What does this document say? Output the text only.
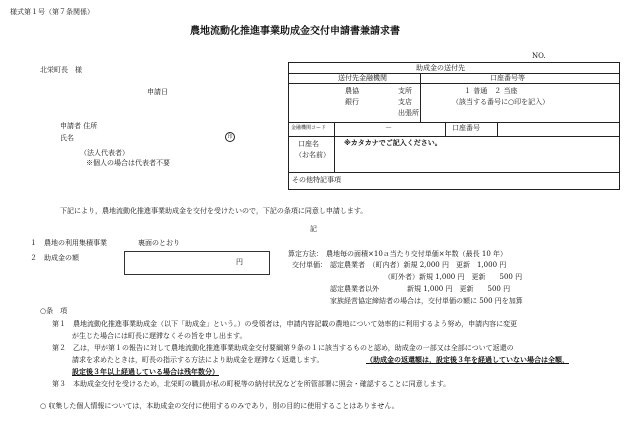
様式第１号（第７条関係）
農地流動化推進事業助成金交付申請書兼請求書
NO.
北栄町長　様
申請日
申請者 住所
氏名	印
（法人代表者）
※個人の場合は代表者不要
助成金の送付先
送付先金融機関	口座番号等
農協
銀行
支所
支店
出張所
１ 普通　２ 当座
（該当する番号に○印を記入）
金融機関コード	－	口座番号
口座名
（お名前）
※カタカナでご記入ください。
その他特記事項
下記により，農地流動化推進事業助成金を交付を受けたいので，下記の条項に同意し申請します。
記
１　農地の利用集積事業	裏面のとおり
２　助成金の額	円
算定方法： 農地毎の面積×10ａ当たり交付単価×年数（最長 10 年）
交付単価： 認定農業者　（町内者）新規 2,000 円　更新　1,000 円
（町外者）新規 1,000 円　更新　　500 円
認定農業者以外　　　　新規 1,000 円　更新　　500 円
家族経営協定締結者の場合は，交付単価の額に 500 円を加算
○条　項
第１　農地流動化推進事業助成金（以下「助成金」という。）の受領者は，申請内容記載の農地について効率的に利用するよう努め，申請内容に変更
が生じた場合には町長に遅滞なくその旨を申し出ます。
第２　乙は，甲が第１の報告に対して農地流動化推進事業助成金交付要綱第９条の１に該当するものと認め，助成金の一部又は全部について返還の
請求を求めたときは，町長の指示する方法により助成金を遅滞なく返還します。	（助成金の返還額は，設定後３年を経過していない場合は全額，
設定後３年以上経過している場合は残年数分）
第３　本助成金交付を受けるため，北栄町の職員が私の町税等の納付状況などを所管部署に照会・確認することに同意します。
○ 収集した個人情報については，本助成金の交付に使用するのみであり，別の目的に使用することはありません。
